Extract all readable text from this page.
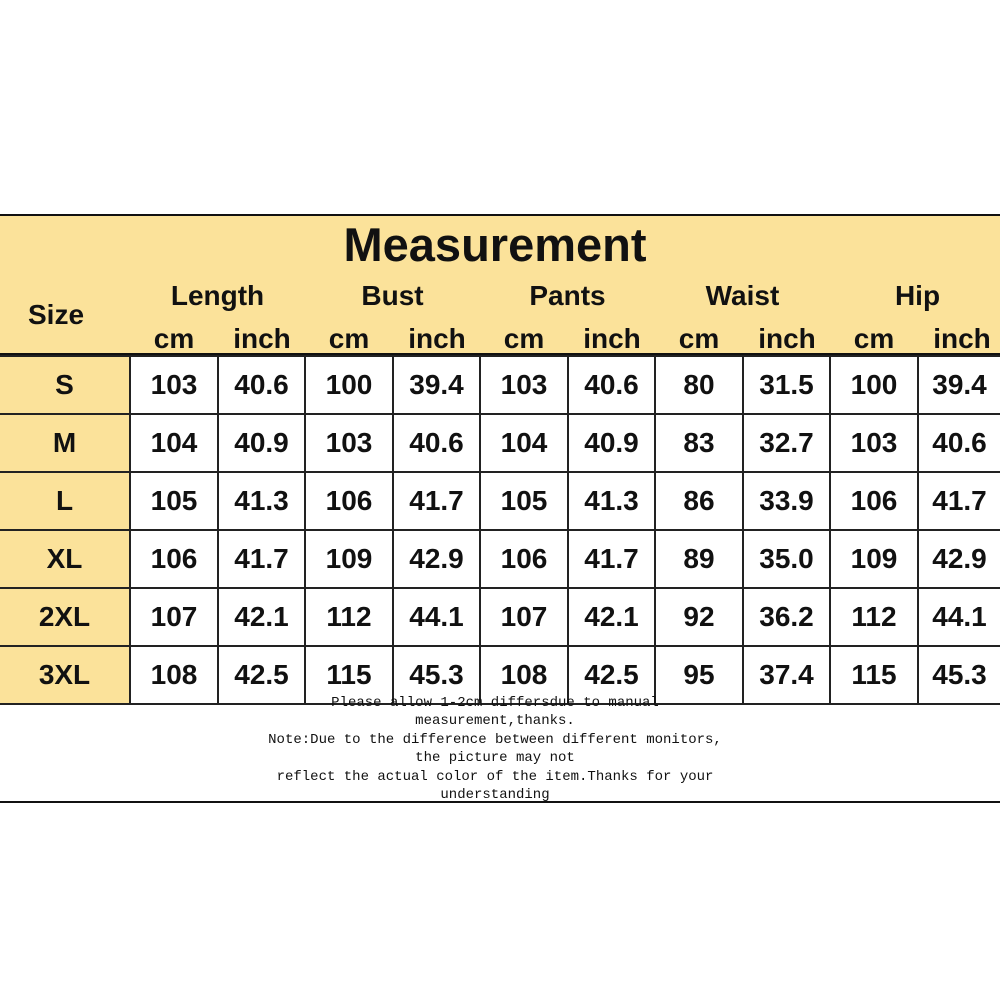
Measurement
Size
Length	Bust	Pants	Waist	Hip
cm	inch	cm	inch	cm	inch	cm	inch	cm	inch
S	103	40.6	100	39.4	103	40.6	80	31.5	100	39.4
M	104	40.9	103	40.6	104	40.9	83	32.7	103	40.6
L	105	41.3	106	41.7	105	41.3	86	33.9	106	41.7
XL	106	41.7	109	42.9	106	41.7	89	35.0	109	42.9
2XL	107	42.1	112	44.1	107	42.1	92	36.2	112	44.1
3XL	108	42.5	115	45.3	108	42.5	95	37.4	115	45.3
Please allow 1-2cm differsdue to manual
measurement,thanks.
Note:Due to the difference between different monitors,
the picture may not
reflect the actual color of the item.Thanks for your
understanding
